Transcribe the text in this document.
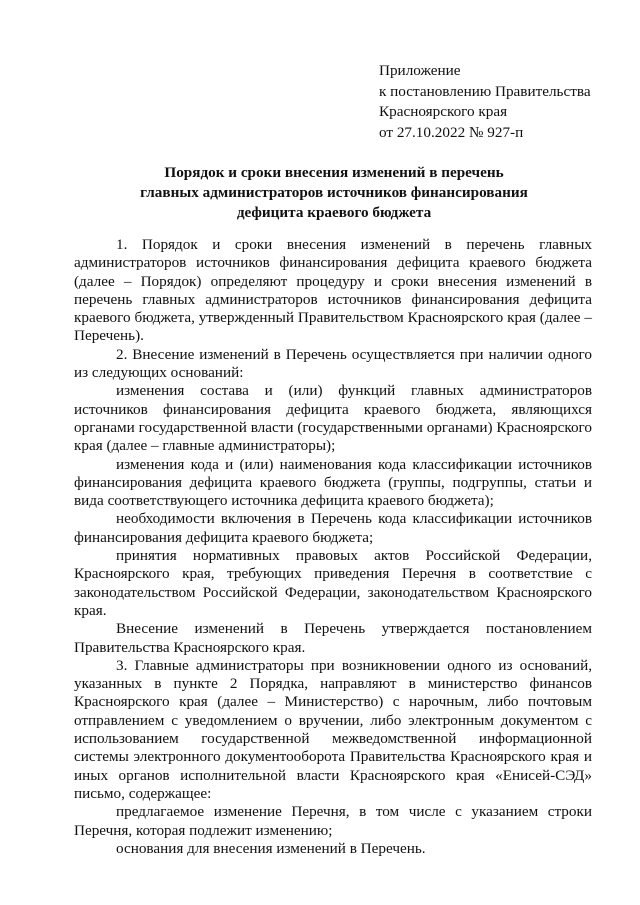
Приложение
к постановлению Правительства
Красноярского края
от 27.10.2022 № 927-п
Порядок и сроки внесения изменений в перечень
главных администраторов источников финансирования
дефицита краевого бюджета

1. Порядок и сроки внесения изменений в перечень главных администраторов источников финансирования дефицита краевого бюджета (далее – Порядок) определяют процедуру и сроки внесения изменений в перечень главных администраторов источников финансирования дефицита краевого бюджета, утвержденный Правительством Красноярского края (далее – Перечень).

2. Внесение изменений в Перечень осуществляется при наличии одного из следующих оснований:

изменения состава и (или) функций главных администраторов источников финансирования дефицита краевого бюджета, являющихся органами государственной власти (государственными органами) Красноярского края (далее – главные администраторы);

изменения кода и (или) наименования кода классификации источников финансирования дефицита краевого бюджета (группы, подгруппы, статьи и вида соответствующего источника дефицита краевого бюджета);

необходимости включения в Перечень кода классификации источников финансирования дефицита краевого бюджета;

принятия нормативных правовых актов Российской Федерации, Красноярского края, требующих приведения Перечня в соответствие с законодательством Российской Федерации, законодательством Красноярского края.

Внесение изменений в Перечень утверждается постановлением Правительства Красноярского края.

3. Главные администраторы при возникновении одного из оснований, указанных в пункте 2 Порядка, направляют в министерство финансов Красноярского края (далее – Министерство) с нарочным, либо почтовым отправлением с уведомлением о вручении, либо электронным документом с использованием государственной межведомственной информационной системы электронного документооборота Правительства Красноярского края и иных органов исполнительной власти Красноярского края «Енисей-СЭД» письмо, содержащее:

предлагаемое изменение Перечня, в том числе с указанием строки Перечня, которая подлежит изменению;

основания для внесения изменений в Перечень.
